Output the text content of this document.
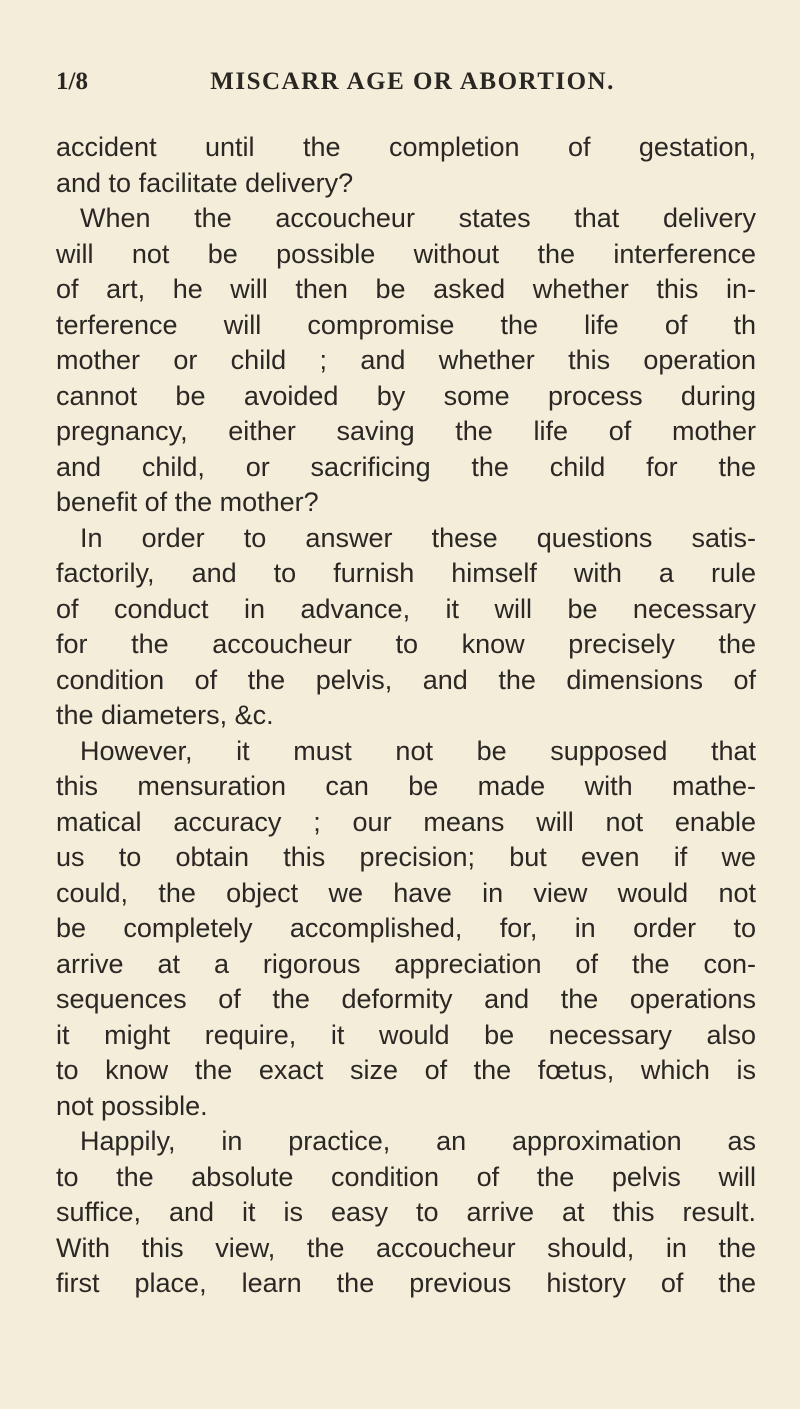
1/8	MISCARR AGE OR ABORTION.
accident until the completion of gestation,
and to facilitate delivery?
When the accoucheur states that delivery
will not be possible without the interference
of art, he will then be asked whether this in-
terference will compromise the life of th
mother or child ; and whether this operation
cannot be avoided by some process during
pregnancy, either saving the life of mother
and child, or sacrificing the child for the
benefit of the mother?
In order to answer these questions satis-
factorily, and to furnish himself with a rule
of conduct in advance, it will be necessary
for the accoucheur to know precisely the
condition of the pelvis, and the dimensions of
the diameters, &c.
However, it must not be supposed that
this mensuration can be made with mathe-
matical accuracy ; our means will not enable
us to obtain this precision; but even if we
could, the object we have in view would not
be completely accomplished, for, in order to
arrive at a rigorous appreciation of the con-
sequences of the deformity and the operations
it might require, it would be necessary also
to know the exact size of the fœtus, which is
not possible.
Happily, in practice, an approximation as
to the absolute condition of the pelvis will
suffice, and it is easy to arrive at this result.
With this view, the accoucheur should, in the
first place, learn the previous history of the
